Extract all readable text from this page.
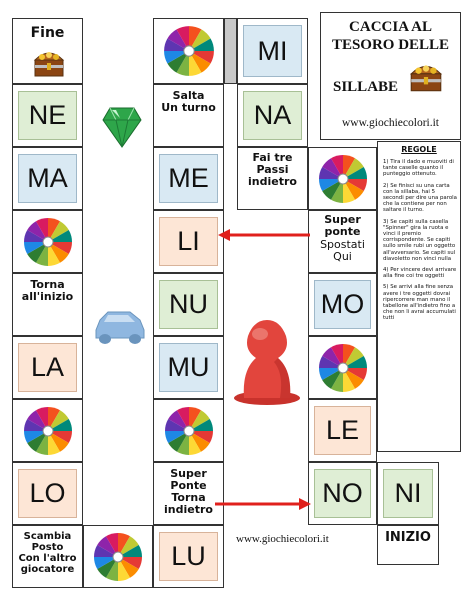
Fine
NE
MA
Torna
all'inizio
LA
LO
Scambia
Posto
Con l'altro
giocatore
Salta
Un turno
ME
LI
NU
MU
Super
Ponte
Torna
indietro
LU
MI
NA
Fai tre
Passi
indietro
Super
ponte
Spostati
Qui
MO
LE
NO	NI
INIZIO
CACCIA AL
TESORO DELLE
SILLABE
www.giochiecolori.it
REGOLE
1) Tira il dado e muoviti di tante caselle quanto il punteggio ottenuto.
2) Se finisci su una carta con la sillaba, hai 5 secondi per dire una parola che la contiene per non saltare il turno.
3) Se capiti sulla casella "Spinner" gira la ruota e vinci il premio corrispondente. Se capiti sullo smile rubi un oggetto all'avversario. Se capiti sul diavoletto non vinci nulla
4) Per vincere devi arrivare alla fine coi tre oggetti
5) Se arrivi alla fine senza avere i tre oggetti dovrai ripercorrere man mano il tabellone all'indietro fino a che non li avrai accumulati tutti
www.giochiecolori.it
